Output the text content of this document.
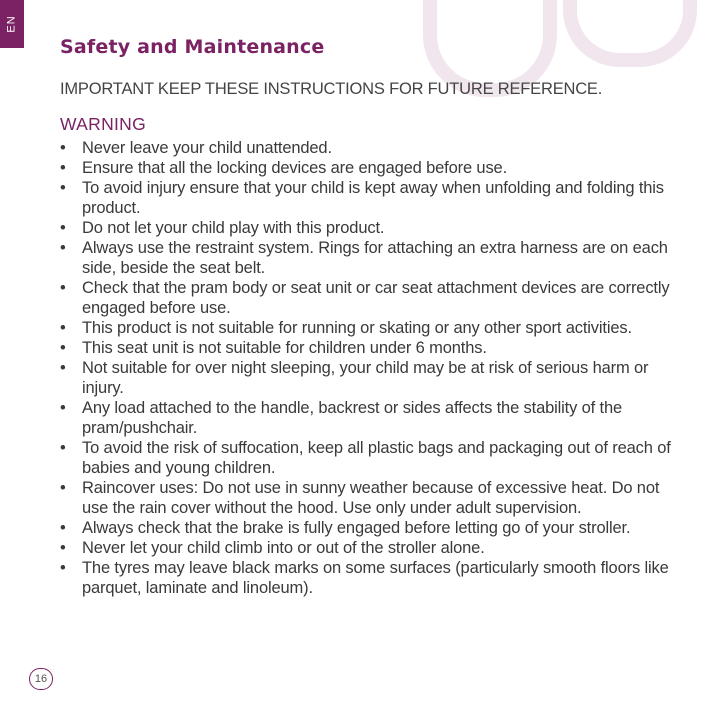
EN
Safety and Maintenance
IMPORTANT KEEP THESE INSTRUCTIONS FOR FUTURE REFERENCE.
WARNING
• Never leave your child unattended.
• Ensure that all the locking devices are engaged before use.
• To avoid injury ensure that your child is kept away when unfolding and folding this product.
• Do not let your child play with this product.
• Always use the restraint system. Rings for attaching an extra harness are on each side, beside the seat belt.
• Check that the pram body or seat unit or car seat attachment devices are correctly engaged before use.
• This product is not suitable for running or skating or any other sport activities.
• This seat unit is not suitable for children under 6 months.
• Not suitable for over night sleeping, your child may be at risk of serious harm or injury.
• Any load attached to the handle, backrest or sides affects the stability of the pram/pushchair.
• To avoid the risk of suffocation, keep all plastic bags and packaging out of reach of babies and young children.
• Raincover uses: Do not use in sunny weather because of excessive heat. Do not use the rain cover without the hood. Use only under adult supervision.
• Always check that the brake is fully engaged before letting go of your stroller.
• Never let your child climb into or out of the stroller alone.
• The tyres may leave black marks on some surfaces (particularly smooth floors like parquet, laminate and linoleum).
16
